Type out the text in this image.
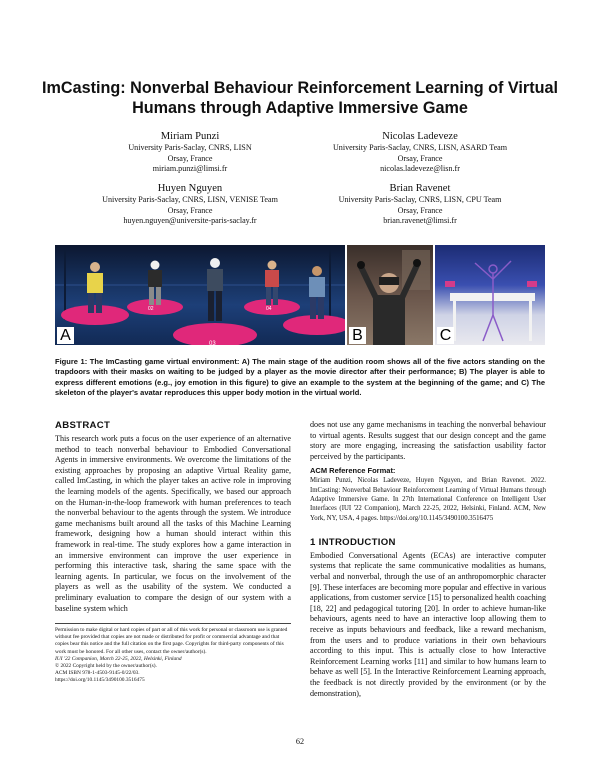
ImCasting: Nonverbal Behaviour Reinforcement Learning of Virtual Humans through Adaptive Immersive Game
Miriam Punzi
University Paris-Saclay, CNRS, LISN
Orsay, France
miriam.punzi@limsi.fr
Nicolas Ladeveze
University Paris-Saclay, CNRS, LISN, ASARD Team
Orsay, France
nicolas.ladeveze@lisn.fr
Huyen Nguyen
University Paris-Saclay, CNRS, LISN, VENISE Team
Orsay, France
huyen.nguyen@universite-paris-saclay.fr
Brian Ravenet
University Paris-Saclay, CNRS, LISN, CPU Team
Orsay, France
brian.ravenet@limsi.fr
02	04
03
A	B	C
Figure 1: The ImCasting game virtual environment: A) The main stage of the audition room shows all of the five actors standing on the trapdoors with their masks on waiting to be judged by a player as the movie director after their performance; B) The player is able to express different emotions (e.g., joy emotion in this figure) to give an example to the system at the beginning of the game; and C) The skeleton of the player's avatar reproduces this upper body motion in the virtual world.
ABSTRACT

This research work puts a focus on the user experience of an alternative method to teach nonverbal behaviour to Embodied Conversational Agents in immersive environments. We overcome the limitations of the existing approaches by proposing an adaptive Virtual Reality game, called ImCasting, in which the player takes an active role in improving the learning models of the agents. Specifically, we based our approach on the Human-in-the-loop framework with human preferences to teach the nonverbal behaviour to the agents through the system. We introduce game mechanisms built around all the tasks of this Machine Learning framework, designing how a human should interact within this framework in real-time. The study explores how a game interaction in an immersive environment can improve the user experience in performing this interactive task, sharing the same space with the learning agents. In particular, we focus on the involvement of the players as well as the usability of the system. We conducted a preliminary evaluation to compare the design of our system with a baseline system which

does not use any game mechanisms in teaching the nonverbal behaviour to virtual agents. Results suggest that our design concept and the game story are more engaging, increasing the satisfaction usability factor perceived by the participants.

ACM Reference Format:

Miriam Punzi, Nicolas Ladeveze, Huyen Nguyen, and Brian Ravenet. 2022. ImCasting: Nonverbal Behaviour Reinforcement Learning of Virtual Humans through Adaptive Immersive Game. In 27th International Conference on Intelligent User Interfaces (IUI '22 Companion), March 22-25, 2022, Helsinki, Finland. ACM, New York, NY, USA, 4 pages. https://doi.org/10.1145/3490100.3516475

1 INTRODUCTION

Embodied Conversational Agents (ECAs) are interactive computer systems that replicate the same communicative modalities as humans, verbal and nonverbal, through the use of an anthropomorphic character [9]. These interfaces are becoming more popular and effective in various applications, from customer service [15] to personalized health coaching [18, 22] and pedagogical tutoring [20]. In order to achieve human-like behaviours, agents need to have an interactive loop allowing them to receive as inputs behaviours and feedback, like a reward mechanism, from the users and to produce variations in their own behaviours according to this input. This is actually close to how Interactive Reinforcement Learning works [11] and similar to how humans learn to behave as well [5]. In the Interactive Reinforcement Learning approach, the feedback is not directly provided by the environment (or by the demonstration),

Permission to make digital or hard copies of part or all of this work for personal or classroom use is granted without fee provided that copies are not made or distributed for profit or commercial advantage and that copies bear this notice and the full citation on the first page. Copyrights for third-party components of this work must be honored. For all other uses, contact the owner/author(s).
IUI '22 Companion, March 22-25, 2022, Helsinki, Finland
© 2022 Copyright held by the owner/author(s).
ACM ISBN 978-1-4503-9145-0/22/03.
https://doi.org/10.1145/3490100.3516475
62
